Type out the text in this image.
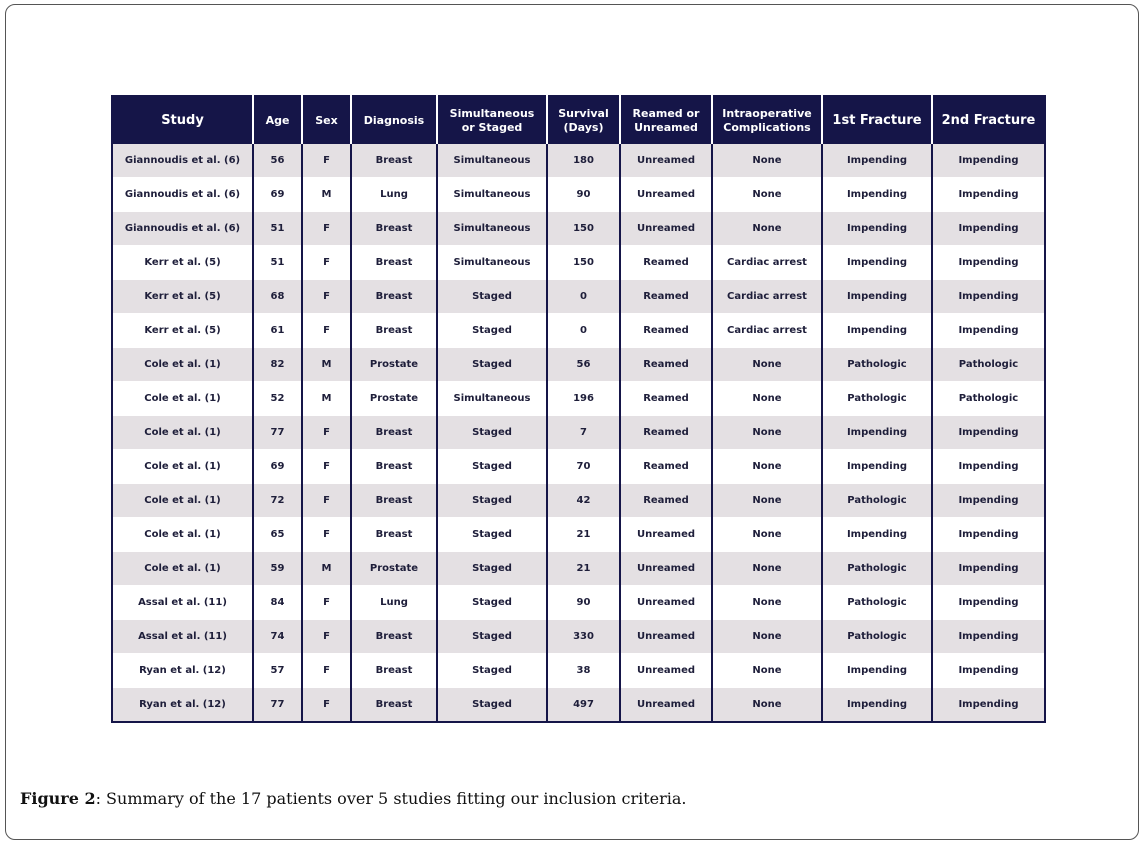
Study	Age	Sex	Diagnosis	Simultaneous or Staged	Survival (Days)	Reamed or Unreamed	Intraoperative Complications	1st Fracture	2nd Fracture
Giannoudis et al. (6)	56	F	Breast	Simultaneous	180	Unreamed	None	Impending	Impending
Giannoudis et al. (6)	69	M	Lung	Simultaneous	90	Unreamed	None	Impending	Impending
Giannoudis et al. (6)	51	F	Breast	Simultaneous	150	Unreamed	None	Impending	Impending
Kerr et al. (5)	51	F	Breast	Simultaneous	150	Reamed	Cardiac arrest	Impending	Impending
Kerr et al. (5)	68	F	Breast	Staged	0	Reamed	Cardiac arrest	Impending	Impending
Kerr et al. (5)	61	F	Breast	Staged	0	Reamed	Cardiac arrest	Impending	Impending
Cole et al. (1)	82	M	Prostate	Staged	56	Reamed	None	Pathologic	Pathologic
Cole et al. (1)	52	M	Prostate	Simultaneous	196	Reamed	None	Pathologic	Pathologic
Cole et al. (1)	77	F	Breast	Staged	7	Reamed	None	Impending	Impending
Cole et al. (1)	69	F	Breast	Staged	70	Reamed	None	Impending	Impending
Cole et al. (1)	72	F	Breast	Staged	42	Reamed	None	Pathologic	Impending
Cole et al. (1)	65	F	Breast	Staged	21	Unreamed	None	Impending	Impending
Cole et al. (1)	59	M	Prostate	Staged	21	Unreamed	None	Pathologic	Impending
Assal et al. (11)	84	F	Lung	Staged	90	Unreamed	None	Pathologic	Impending
Assal et al. (11)	74	F	Breast	Staged	330	Unreamed	None	Pathologic	Impending
Ryan et al. (12)	57	F	Breast	Staged	38	Unreamed	None	Impending	Impending
Ryan et al. (12)	77	F	Breast	Staged	497	Unreamed	None	Impending	Impending
Figure 2: Summary of the 17 patients over 5 studies fitting our inclusion criteria.
